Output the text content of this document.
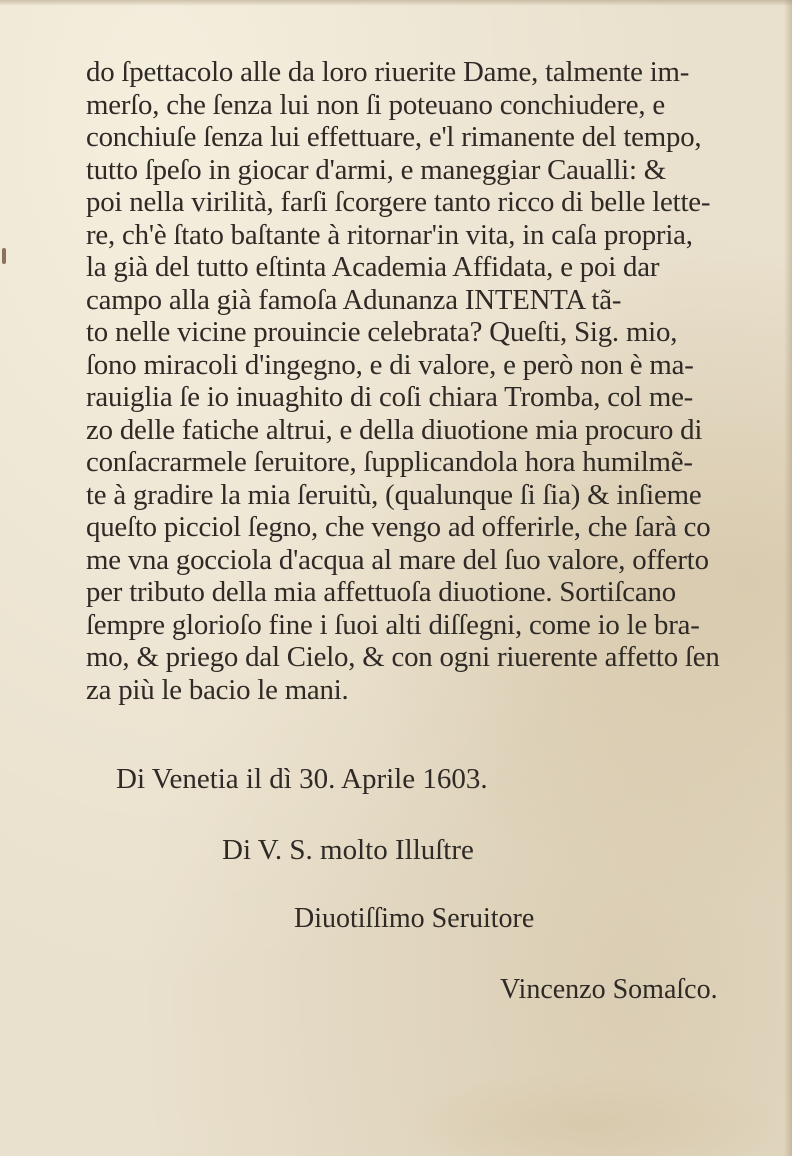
do ſpettacolo alle da loro riuerite Dame, talmente im-
merſo, che ſenza lui non ſi poteuano conchiudere, e
conchiuſe ſenza lui effettuare, e'l rimanente del tempo,
tutto ſpeſo in giocar d'armi, e maneggiar Caualli: &
poi nella virilità, farſi ſcorgere tanto ricco di belle lette-
re, ch'è ſtato baſtante à ritornar'in vita, in caſa propria,
la già del tutto eſtinta Academia Affidata, e poi dar
campo alla già famoſa Adunanza INTENTA tã-
to nelle vicine prouincie celebrata? Queſti, Sig. mio,
ſono miracoli d'ingegno, e di valore, e però non è ma-
rauiglia ſe io inuaghito di coſi chiara Tromba, col me-
zo delle fatiche altrui, e della diuotione mia procuro di
conſacrarmele ſeruitore, ſupplicandola hora humilmẽ-
te à gradire la mia ſeruitù, (qualunque ſi ſia) & inſieme
queſto picciol ſegno, che vengo ad offerirle, che ſarà co
me vna gocciola d'acqua al mare del ſuo valore, offerto
per tributo della mia affettuoſa diuotione. Sortiſcano
ſempre glorioſo fine i ſuoi alti diſſegni, come io le bra-
mo, & priego dal Cielo, & con ogni riuerente affetto ſen
za più le bacio le mani.
Di Venetia il dì 30. Aprile 1603.
Di V. S. molto Illuſtre
Diuotiſſimo Seruitore
Vincenzo Somaſco.
